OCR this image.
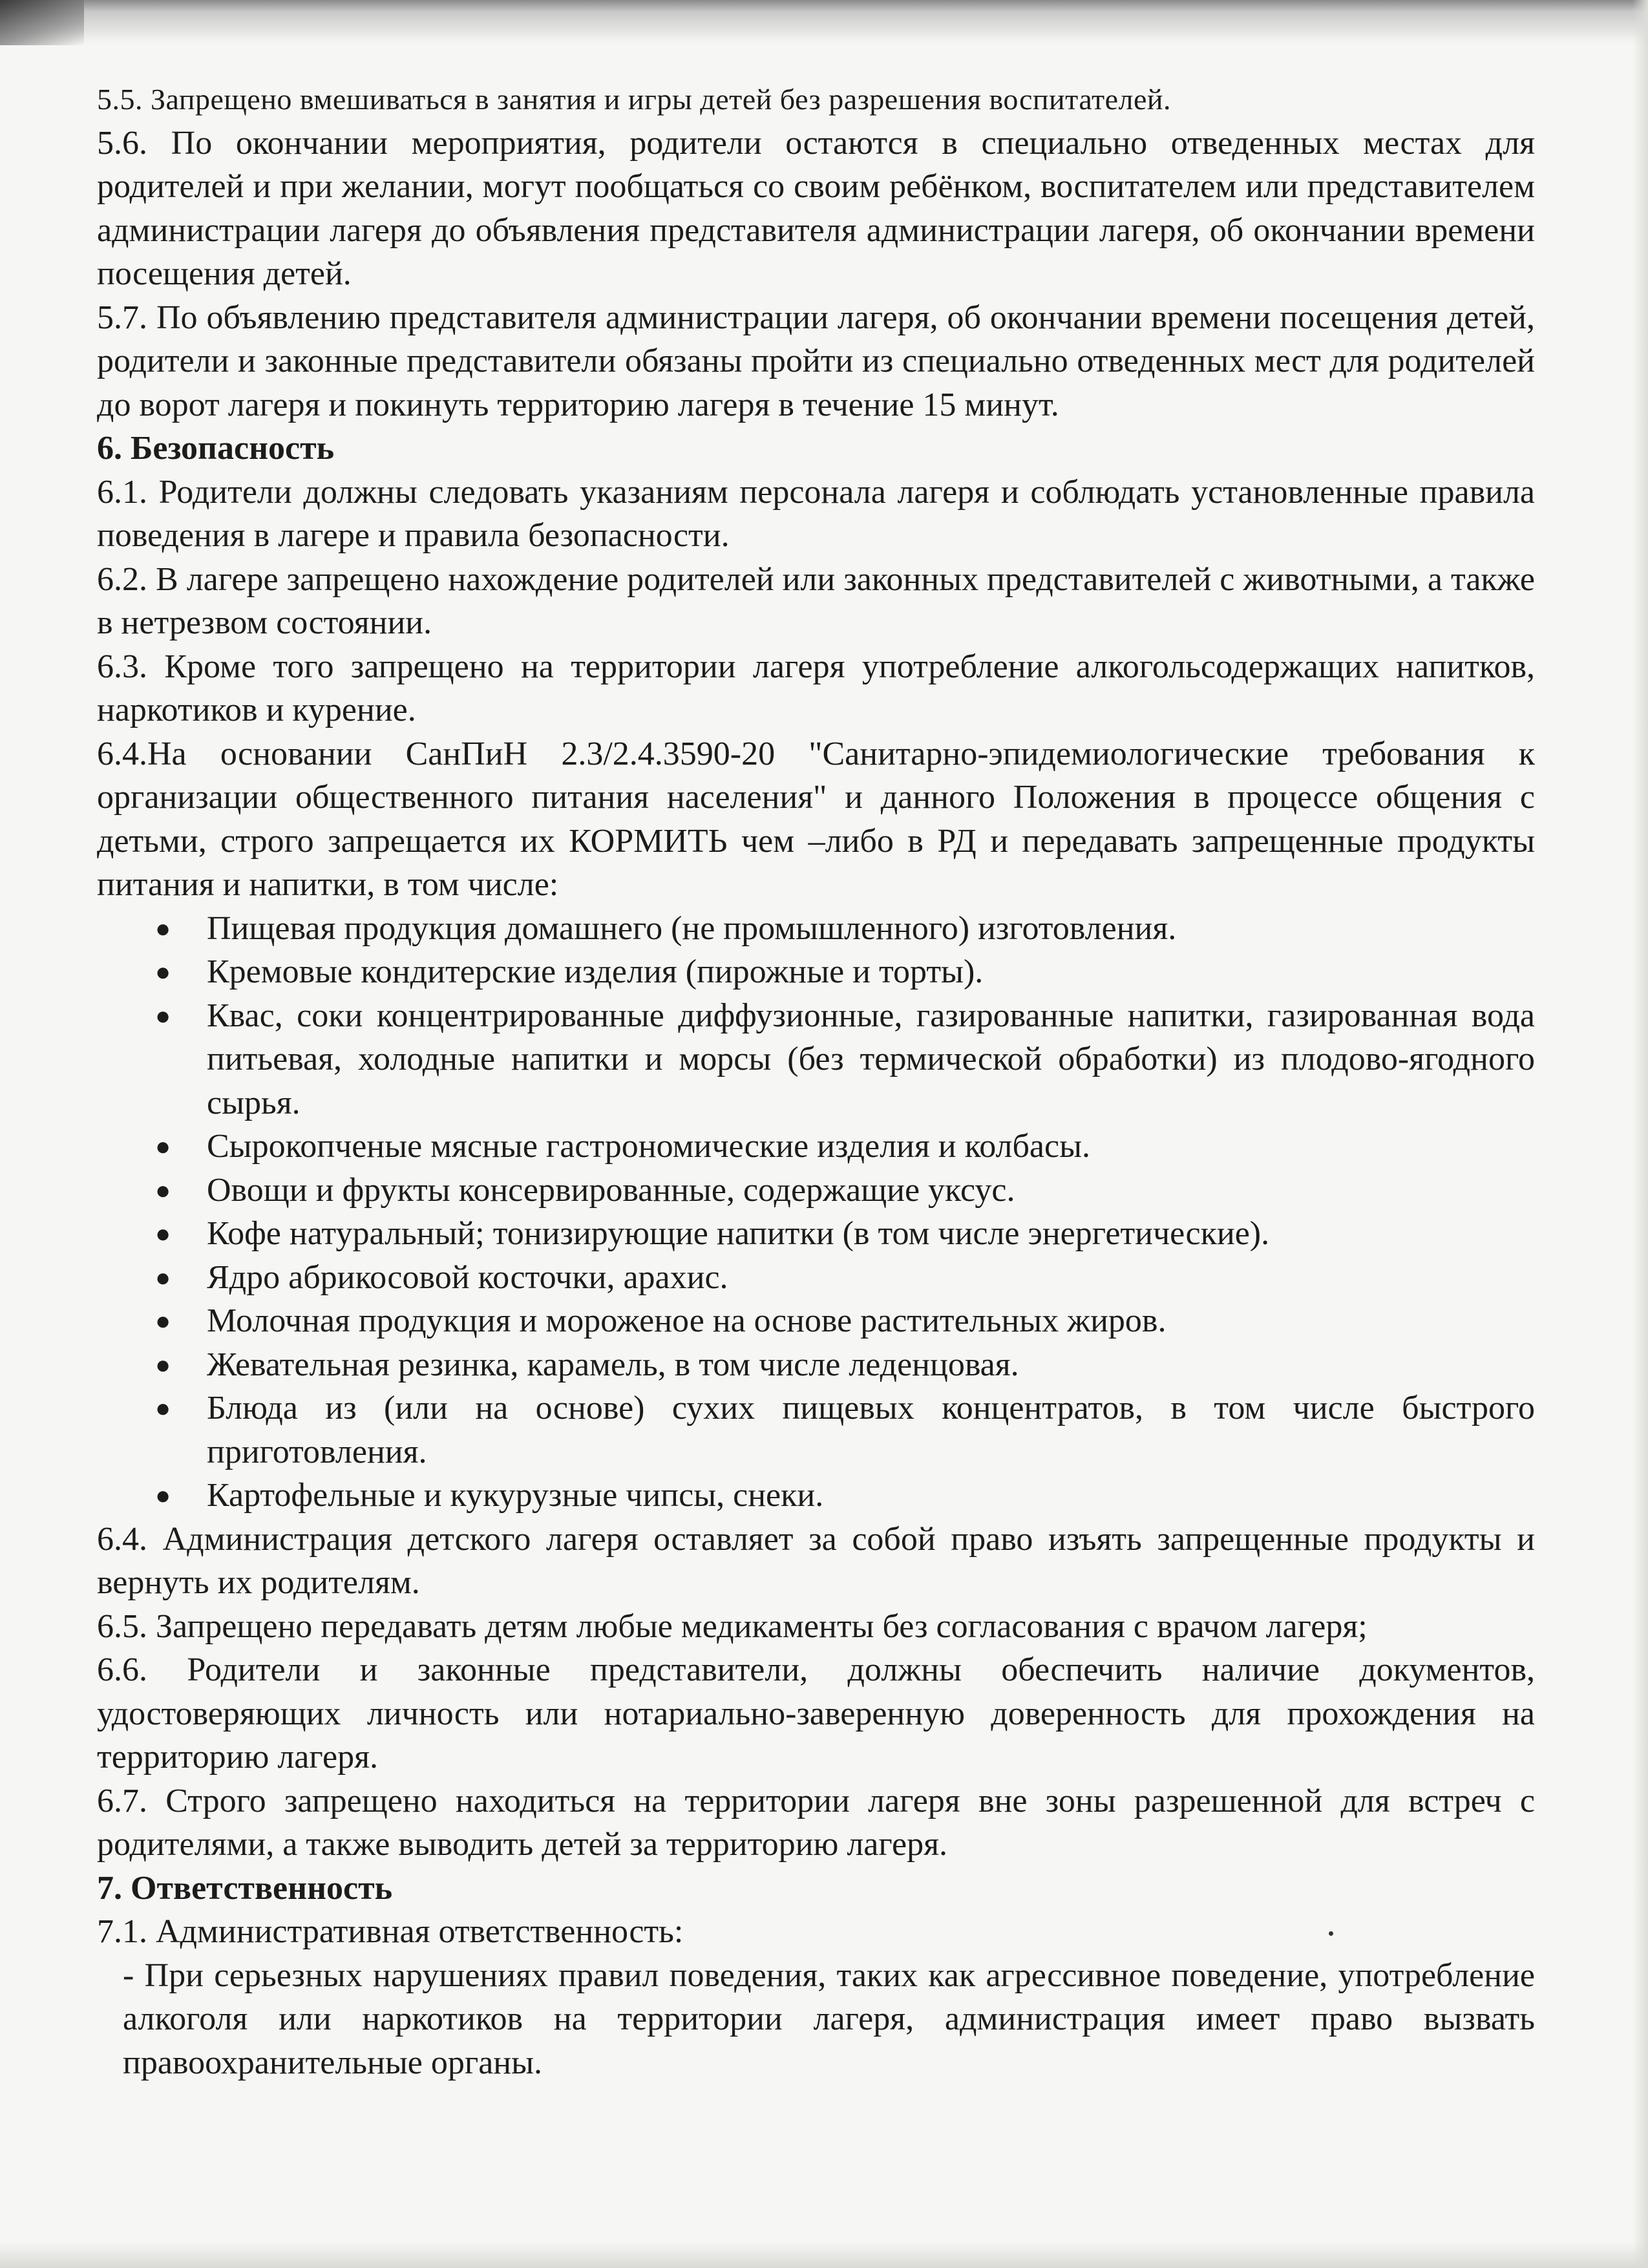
5.5. Запрещено вмешиваться в занятия и игры детей без разрешения воспитателей.

5.6. По окончании мероприятия, родители остаются в специально отведенных местах для родителей и при желании, могут пообщаться со своим ребёнком, воспитателем или представителем администрации лагеря до объявления представителя администрации лагеря, об окончании времени посещения детей.

5.7. По объявлению представителя администрации лагеря, об окончании времени посещения детей, родители и законные представители обязаны пройти из специально отведенных мест для родителей до ворот лагеря и покинуть территорию лагеря в течение 15 минут.

6. Безопасность

6.1. Родители должны следовать указаниям персонала лагеря и соблюдать установленные правила поведения в лагере и правила безопасности.

6.2. В лагере запрещено нахождение родителей или законных представителей с животными, а также в нетрезвом состоянии.

6.3. Кроме того запрещено на территории лагеря употребление алкогольсодержащих напитков, наркотиков и курение.

6.4.На основании СанПиН 2.3/2.4.3590-20 "Санитарно-эпидемиологические требования к организации общественного питания населения" и данного Положения в процессе общения с детьми, строго запрещается их КОРМИТЬ чем –либо в РД и передавать запрещенные продукты питания и напитки, в том числе:

● Пищевая продукция домашнего (не промышленного) изготовления.
● Кремовые кондитерские изделия (пирожные и торты).
● Квас, соки концентрированные диффузионные, газированные напитки, газированная вода питьевая, холодные напитки и морсы (без термической обработки) из плодово-ягодного сырья.
● Сырокопченые мясные гастрономические изделия и колбасы.
● Овощи и фрукты консервированные, содержащие уксус.
● Кофе натуральный; тонизирующие напитки (в том числе энергетические).
● Ядро абрикосовой косточки, арахис.
● Молочная продукция и мороженое на основе растительных жиров.
● Жевательная резинка, карамель, в том числе леденцовая.
● Блюда из (или на основе) сухих пищевых концентратов, в том числе быстрого приготовления.
● Картофельные и кукурузные чипсы, снеки.

6.4. Администрация детского лагеря оставляет за собой право изъять запрещенные продукты и вернуть их родителям.

6.5. Запрещено передавать детям любые медикаменты без согласования с врачом лагеря;

6.6. Родители и законные представители, должны обеспечить наличие документов, удостоверяющих личность или нотариально-заверенную доверенность для прохождения на территорию лагеря.

6.7. Строго запрещено находиться на территории лагеря вне зоны разрешенной для встреч с родителями, а также выводить детей за территорию лагеря.

7. Ответственность

7.1. Административная ответственность:

- При серьезных нарушениях правил поведения, таких как агрессивное поведение, употребление алкоголя или наркотиков на территории лагеря, администрация имеет право вызвать правоохранительные органы.
